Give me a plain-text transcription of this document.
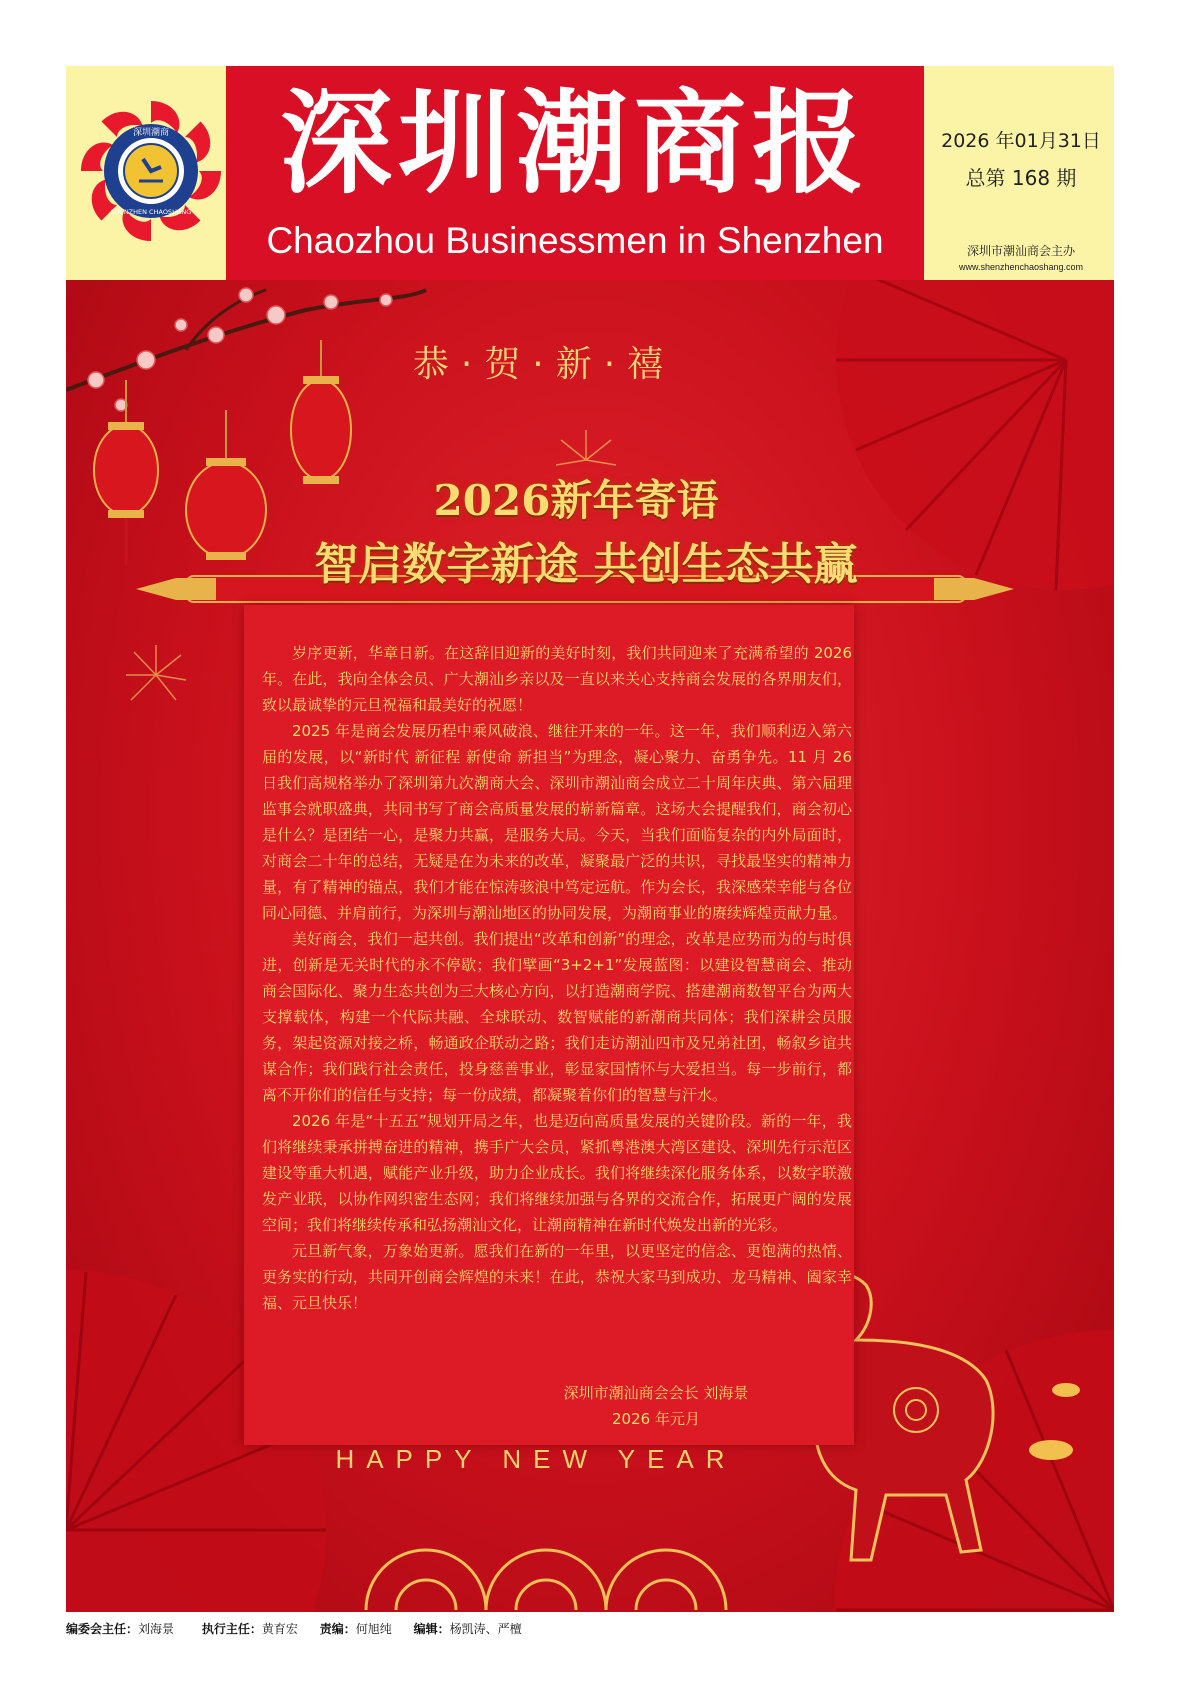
深圳潮商
SHENZHEN CHAOSHANG
深圳潮商报
Chaozhou Businessmen in Shenzhen
2026 年01月31日
总第 168 期
深圳市潮汕商会主办
www.shenzhenchaoshang.com
恭·贺·新·禧
2026新年寄语
智启数字新途 共创生态共赢

岁序更新，华章日新。在这辞旧迎新的美好时刻，我们共同迎来了充满希望的 2026 年。在此，我向全体会员、广大潮汕乡亲以及一直以来关心支持商会发展的各界朋友们，致以最诚挚的元旦祝福和最美好的祝愿！

2025 年是商会发展历程中乘风破浪、继往开来的一年。这一年，我们顺利迈入第六届的发展，以“新时代 新征程 新使命 新担当”为理念，凝心聚力、奋勇争先。11 月 26 日我们高规格举办了深圳第九次潮商大会、深圳市潮汕商会成立二十周年庆典、第六届理监事会就职盛典，共同书写了商会高质量发展的崭新篇章。这场大会提醒我们，商会初心是什么？是团结一心，是聚力共赢，是服务大局。今天，当我们面临复杂的内外局面时，对商会二十年的总结，无疑是在为未来的改革，凝聚最广泛的共识，寻找最坚实的精神力量，有了精神的锚点，我们才能在惊涛骇浪中笃定远航。作为会长，我深感荣幸能与各位同心同德、并肩前行，为深圳与潮汕地区的协同发展，为潮商事业的赓续辉煌贡献力量。

美好商会，我们一起共创。我们提出“改革和创新”的理念，改革是应势而为的与时俱进，创新是无关时代的永不停歇；我们擘画“3+2+1”发展蓝图：以建设智慧商会、推动商会国际化、聚力生态共创为三大核心方向，以打造潮商学院、搭建潮商数智平台为两大支撑载体，构建一个代际共融、全球联动、数智赋能的新潮商共同体；我们深耕会员服务，架起资源对接之桥，畅通政企联动之路；我们走访潮汕四市及兄弟社团，畅叙乡谊共谋合作；我们践行社会责任，投身慈善事业，彰显家国情怀与大爱担当。每一步前行，都离不开你们的信任与支持；每一份成绩，都凝聚着你们的智慧与汗水。

2026 年是“十五五”规划开局之年，也是迈向高质量发展的关键阶段。新的一年，我们将继续秉承拼搏奋进的精神，携手广大会员，紧抓粤港澳大湾区建设、深圳先行示范区建设等重大机遇，赋能产业升级，助力企业成长。我们将继续深化服务体系，以数字联激发产业联，以协作网织密生态网；我们将继续加强与各界的交流合作，拓展更广阔的发展空间；我们将继续传承和弘扬潮汕文化，让潮商精神在新时代焕发出新的光彩。

元旦新气象，万象始更新。愿我们在新的一年里，以更坚定的信念、更饱满的热情、更务实的行动，共同开创商会辉煌的未来！在此，恭祝大家马到成功、龙马精神、阖家幸福、元旦快乐！

深圳市潮汕商会会长 刘海景
2026 年元月
HAPPY NEW YEAR
编委会主任：刘海景 执行主任：黄育宏 责编：何旭纯 编辑：杨凯涛、严檀
